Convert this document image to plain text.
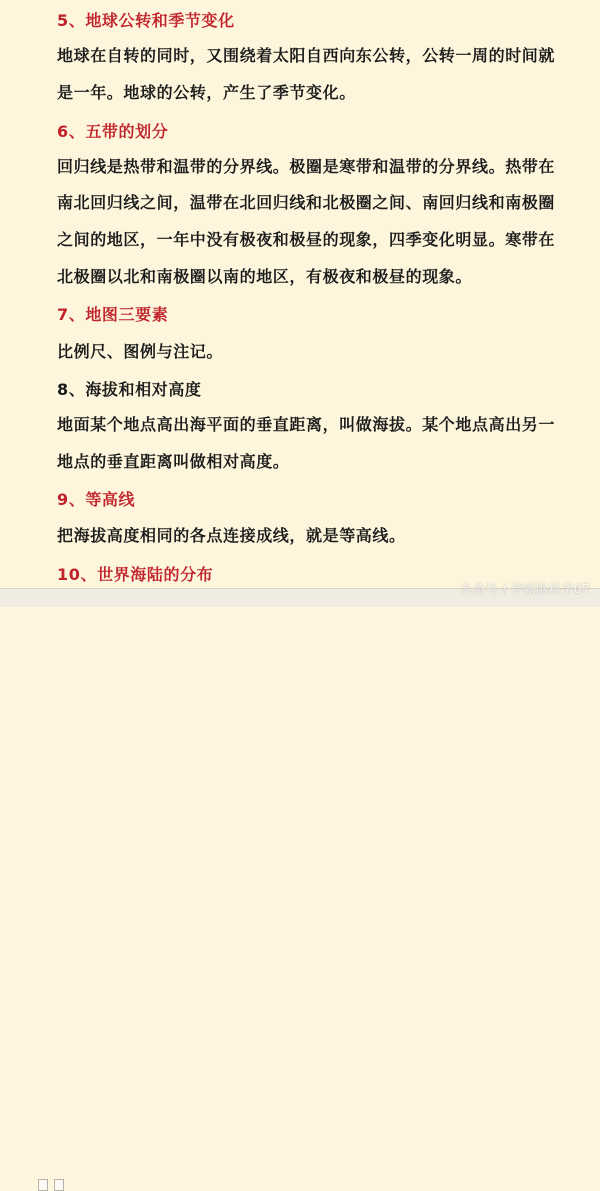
5、地球公转和季节变化
地球在自转的同时，又围绕着太阳自西向东公转，公转一周的时间就
是一年。地球的公转，产生了季节变化。
6、五带的划分
回归线是热带和温带的分界线。极圈是寒带和温带的分界线。热带在
南北回归线之间，温带在北回归线和北极圈之间、南回归线和南极圈
之间的地区，一年中没有极夜和极昼的现象，四季变化明显。寒带在
北极圈以北和南极圈以南的地区，有极夜和极昼的现象。
7、地图三要素
比例尺、图例与注记。
8、海拔和相对高度
地面某个地点高出海平面的垂直距离，叫做海拔。某个地点高出另一
地点的垂直距离叫做相对高度。
9、等高线
把海拔高度相同的各点连接成线，就是等高线。
10、世界海陆的分布
头条号 / 学霸脑科学07
